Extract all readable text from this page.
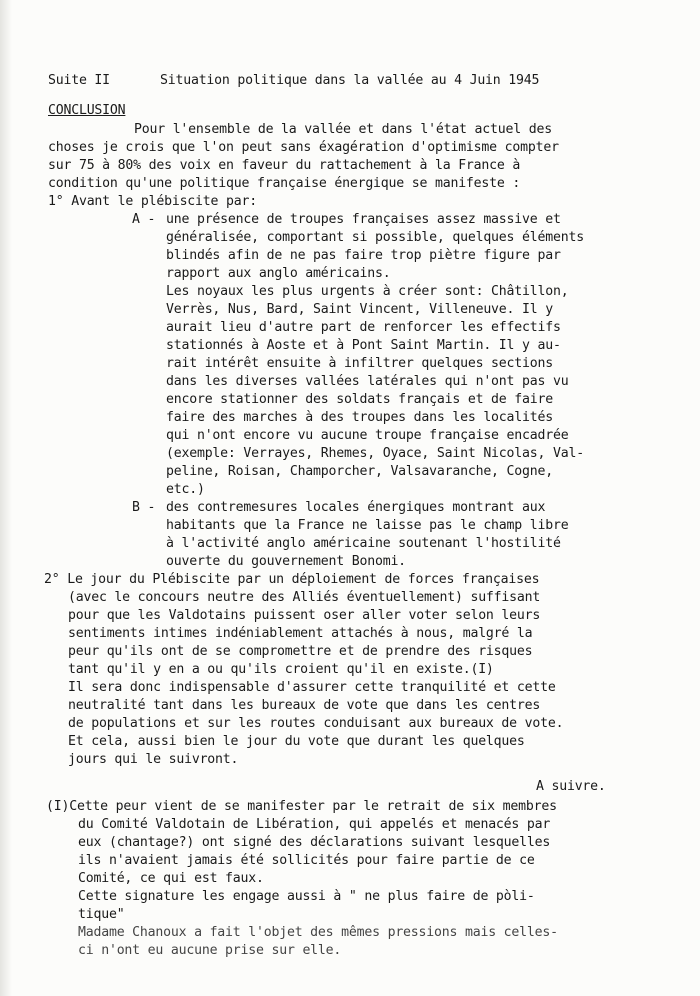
Suite II	Situation politique dans la vallée au 4 Juin 1945
CONCLUSION
Pour l'ensemble de la vallée et dans l'état actuel des
choses je crois que l'on peut sans éxagération d'optimisme compter
sur 75 à 80% des voix en faveur du rattachement à la France à
condition qu'une politique française énergique se manifeste :
1° Avant le plébiscite par:
A - une présence de troupes françaises assez massive et
généralisée, comportant si possible, quelques éléments
blindés afin de ne pas faire trop piètre figure par
rapport aux anglo américains.
Les noyaux les plus urgents à créer sont: Châtillon,
Verrès, Nus, Bard, Saint Vincent, Villeneuve. Il y
aurait lieu d'autre part de renforcer les effectifs
stationnés à Aoste et à Pont Saint Martin. Il y au-
rait intérêt ensuite à infiltrer quelques sections
dans les diverses vallées latérales qui n'ont pas vu
encore stationner des soldats français et de faire
faire des marches à des troupes dans les localités
qui n'ont encore vu aucune troupe française encadrée
(exemple: Verrayes, Rhemes, Oyace, Saint Nicolas, Val-
peline, Roisan, Champorcher, Valsavaranche, Cogne,
etc.)
B - des contremesures locales énergiques montrant aux
habitants que la France ne laisse pas le champ libre
à l'activité anglo américaine soutenant l'hostilité
ouverte du gouvernement Bonomi.
2° Le jour du Plébiscite par un déploiement de forces françaises
(avec le concours neutre des Alliés éventuellement) suffisant
pour que les Valdotains puissent oser aller voter selon leurs
sentiments intimes indéniablement attachés à nous, malgré la
peur qu'ils ont de se compromettre et de prendre des risques
tant qu'il y en a ou qu'ils croient qu'il en existe.(I)
Il sera donc indispensable d'assurer cette tranquilité et cette
neutralité tant dans les bureaux de vote que dans les centres
de populations et sur les routes conduisant aux bureaux de vote.
Et cela, aussi bien le jour du vote que durant les quelques
jours qui le suivront.
A suivre.
(I)Cette peur vient de se manifester par le retrait de six membres
du Comité Valdotain de Libération, qui appelés et menacés par
eux (chantage?) ont signé des déclarations suivant lesquelles
ils n'avaient jamais été sollicités pour faire partie de ce
Comité, ce qui est faux.
Cette signature les engage aussi à " ne plus faire de pòli-
tique"
Madame Chanoux a fait l'objet des mêmes pressions mais celles-
ci n'ont eu aucune prise sur elle.
